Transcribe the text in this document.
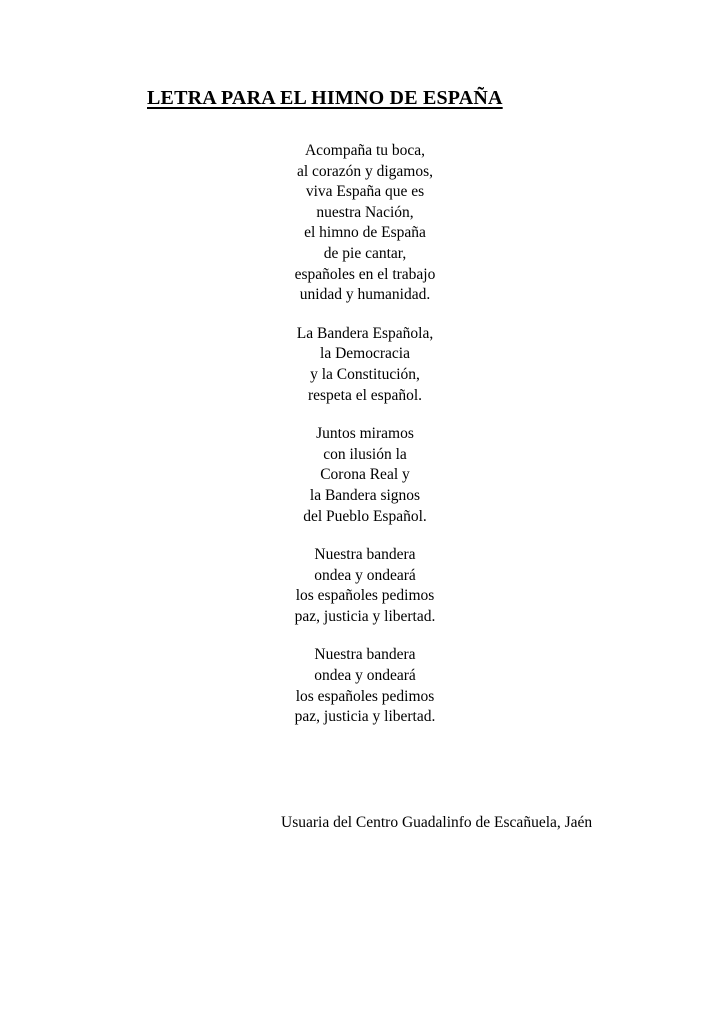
LETRA PARA EL HIMNO DE ESPAÑA
Acompaña tu boca,
al corazón y digamos,
viva España que es
nuestra Nación,
el himno de España
de pie cantar,
españoles en el trabajo
unidad y humanidad.
La Bandera Española,
la Democracia
y la Constitución,
respeta el español.
Juntos miramos
con ilusión la
Corona Real y
la Bandera signos
del Pueblo Español.
Nuestra bandera
ondea y ondeará
los españoles pedimos
paz, justicia y libertad.
Nuestra bandera
ondea y ondeará
los españoles pedimos
paz, justicia y libertad.

Usuaria del Centro Guadalinfo de Escañuela, Jaén
